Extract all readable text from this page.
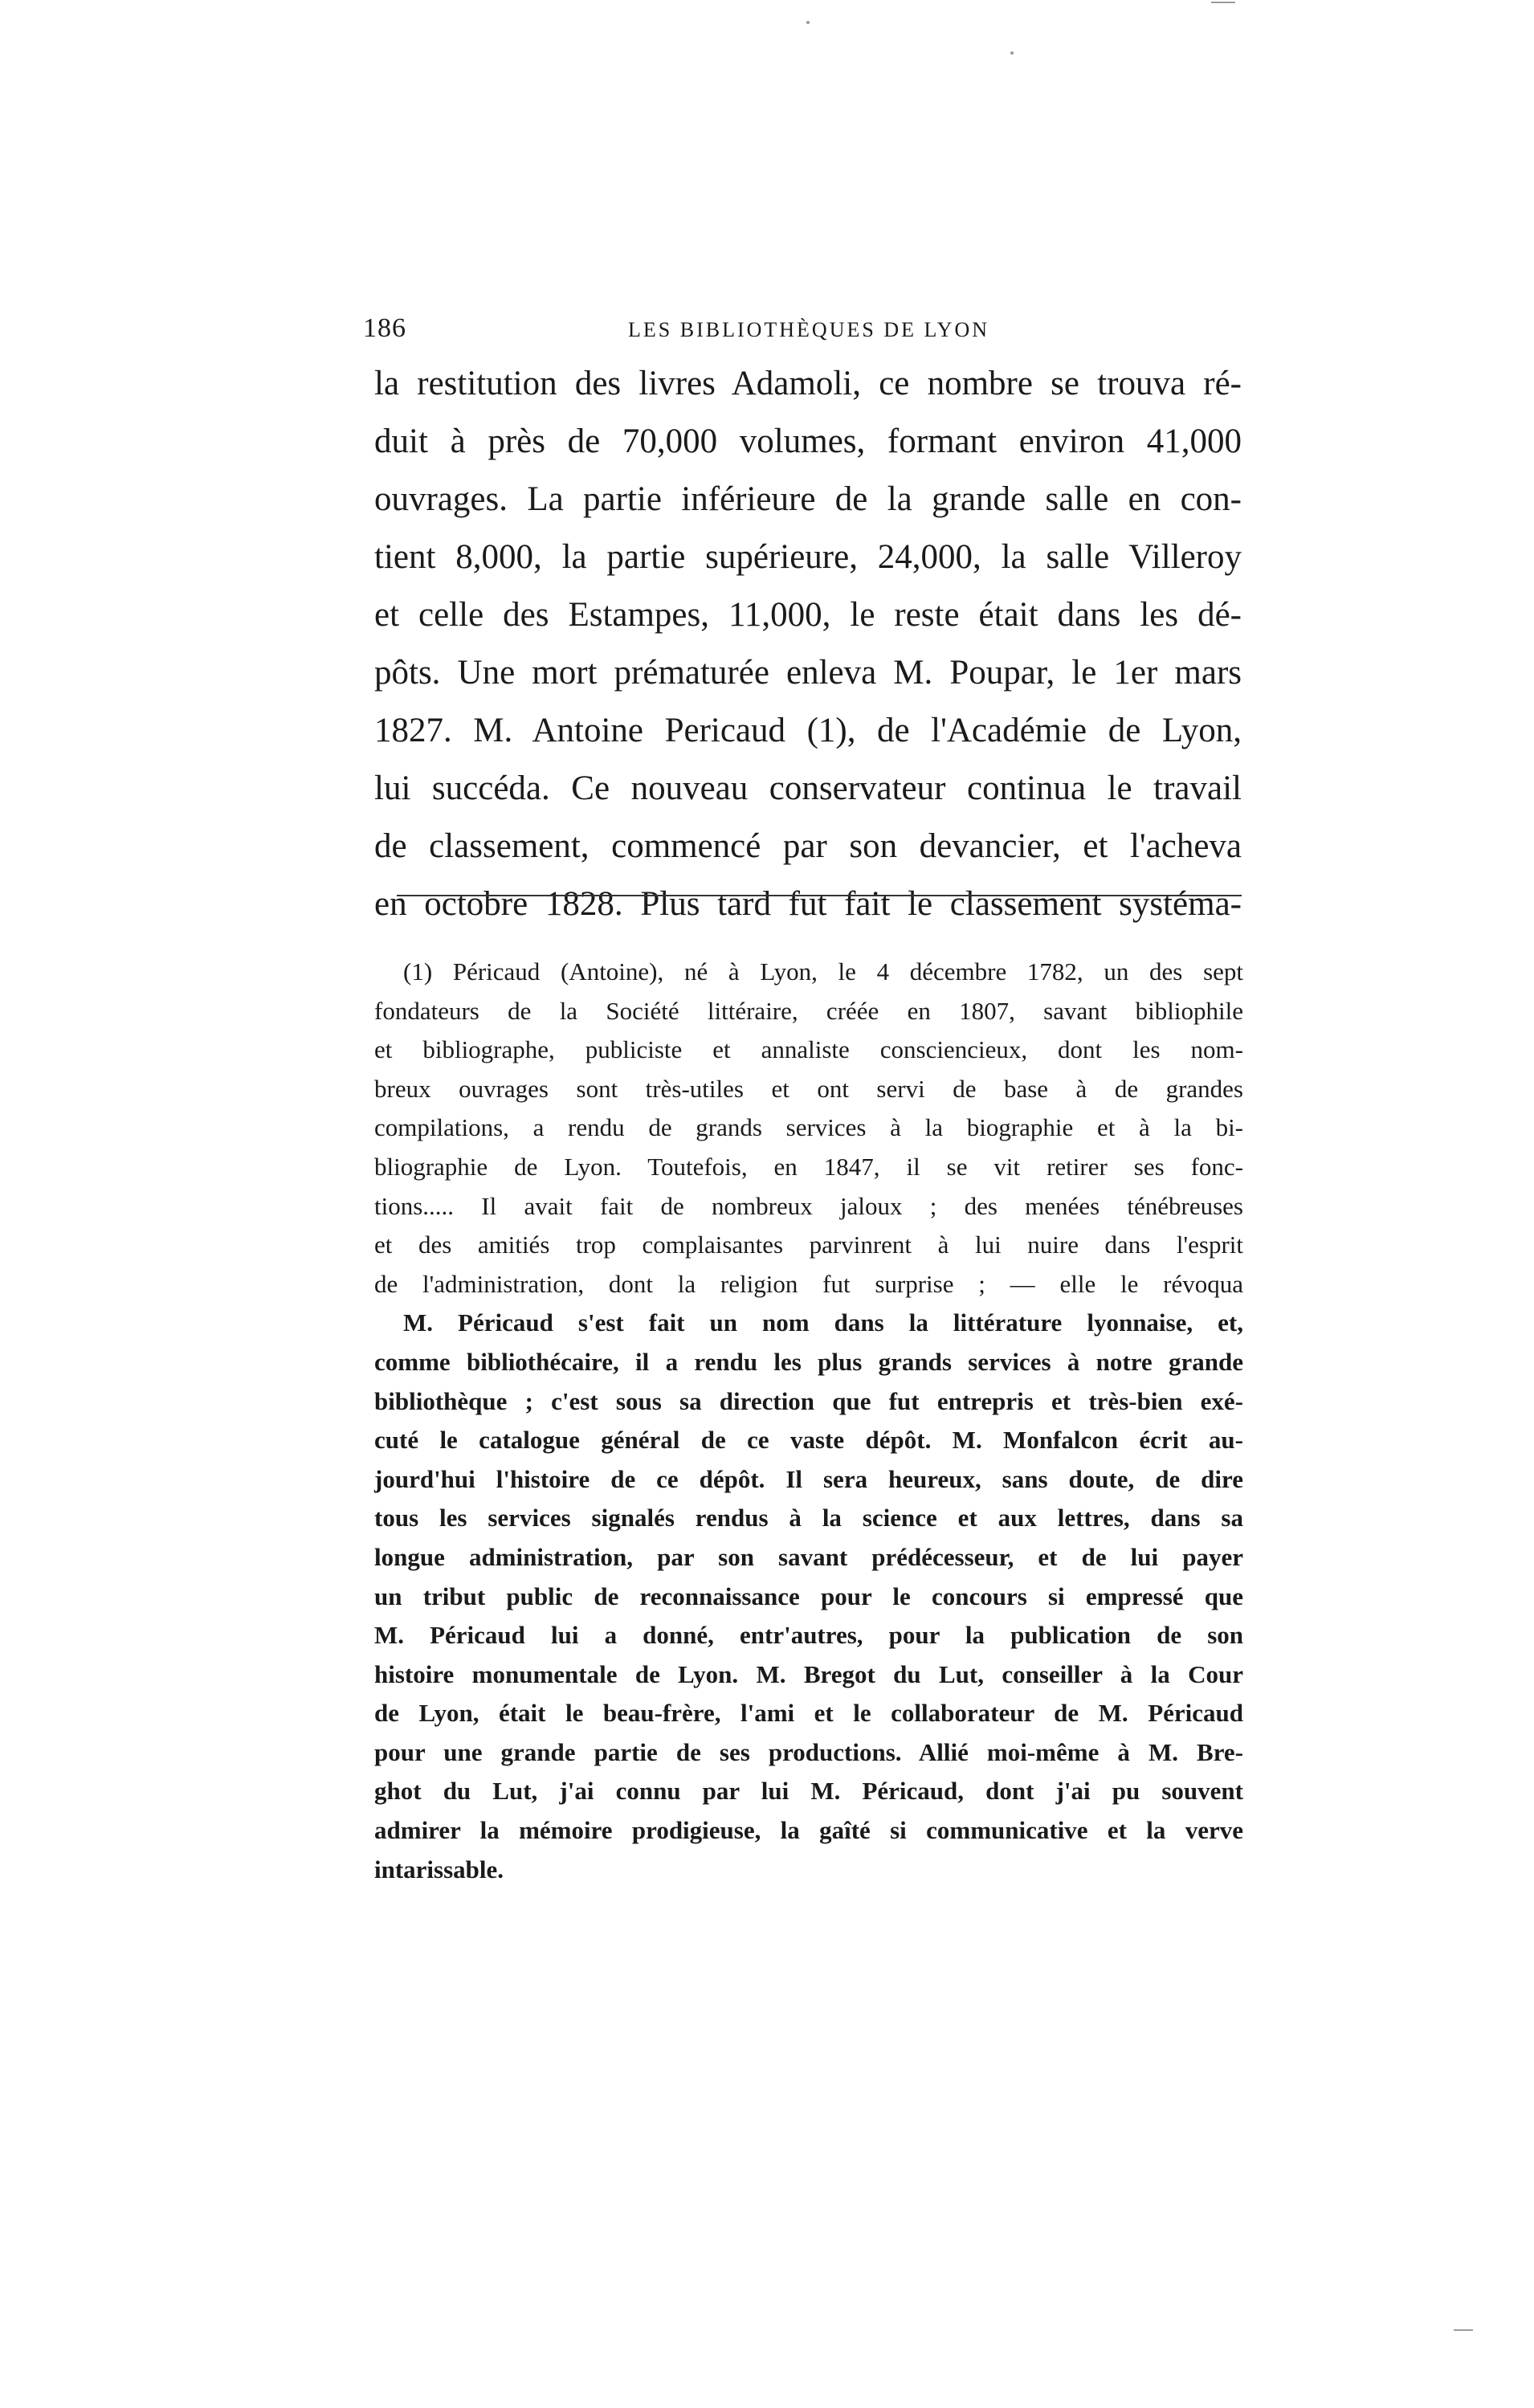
186	LES BIBLIOTHÈQUES DE LYON
la restitution des livres Adamoli, ce nombre se trouva ré-
duit à près de 70,000 volumes, formant environ 41,000
ouvrages. La partie inférieure de la grande salle en con-
tient 8,000, la partie supérieure, 24,000, la salle Villeroy
et celle des Estampes, 11,000, le reste était dans les dé-
pôts. Une mort prématurée enleva M. Poupar, le 1er mars
1827. M. Antoine Pericaud (1), de l'Académie de Lyon,
lui succéda. Ce nouveau conservateur continua le travail
de classement, commencé par son devancier, et l'acheva
en octobre 1828. Plus tard fut fait le classement systéma-
(1) Péricaud (Antoine), né à Lyon, le 4 décembre 1782, un des sept
fondateurs de la Société littéraire, créée en 1807, savant bibliophile
et bibliographe, publiciste et annaliste consciencieux, dont les nom-
breux ouvrages sont très-utiles et ont servi de base à de grandes
compilations, a rendu de grands services à la biographie et à la bi-
bliographie de Lyon. Toutefois, en 1847, il se vit retirer ses fonc-
tions..... Il avait fait de nombreux jaloux ; des menées ténébreuses
et des amitiés trop complaisantes parvinrent à lui nuire dans l'esprit
de l'administration, dont la religion fut surprise ; — elle le révoqua
M. Péricaud s'est fait un nom dans la littérature lyonnaise, et,
comme bibliothécaire, il a rendu les plus grands services à notre grande
bibliothèque ; c'est sous sa direction que fut entrepris et très-bien exé-
cuté le catalogue général de ce vaste dépôt. M. Monfalcon écrit au-
jourd'hui l'histoire de ce dépôt. Il sera heureux, sans doute, de dire
tous les services signalés rendus à la science et aux lettres, dans sa
longue administration, par son savant prédécesseur, et de lui payer
un tribut public de reconnaissance pour le concours si empressé que
M. Péricaud lui a donné, entr'autres, pour la publication de son
histoire monumentale de Lyon. M. Bregot du Lut, conseiller à la Cour
de Lyon, était le beau-frère, l'ami et le collaborateur de M. Péricaud
pour une grande partie de ses productions. Allié moi-même à M. Bre-
ghot du Lut, j'ai connu par lui M. Péricaud, dont j'ai pu souvent
admirer la mémoire prodigieuse, la gaîté si communicative et la verve
intarissable.
